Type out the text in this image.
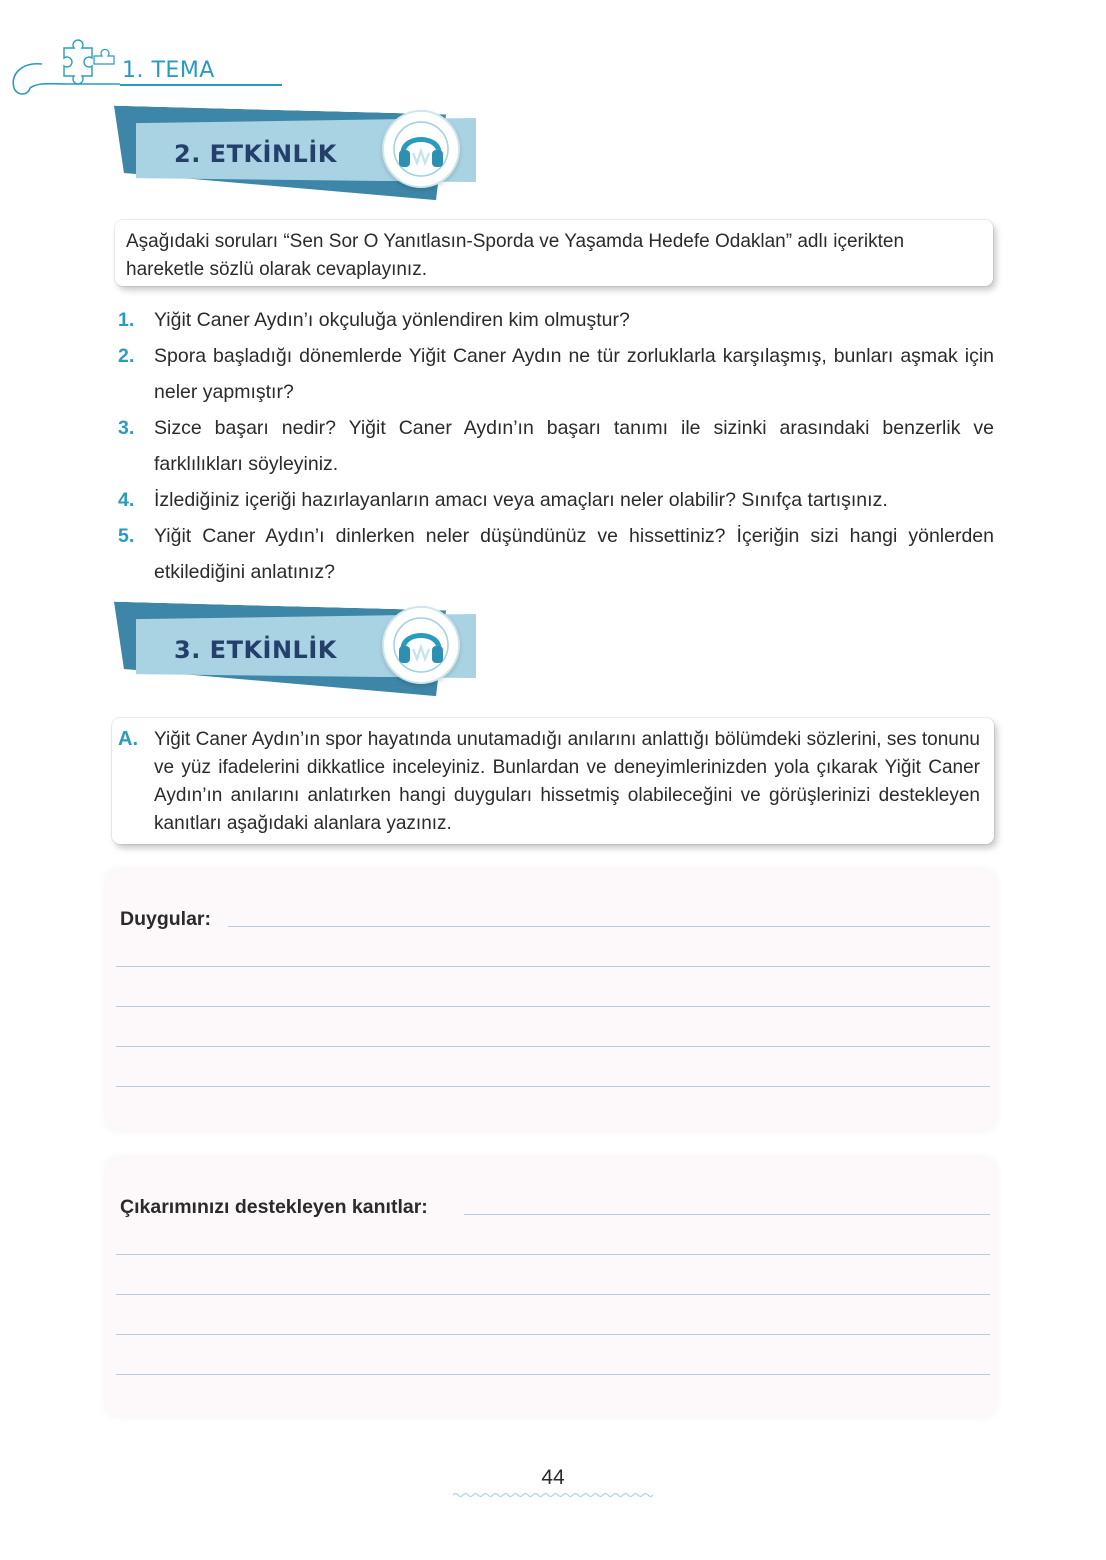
1. TEMA
2. ETKİNLİK
Aşağıdaki soruları “Sen Sor O Yanıtlasın-Sporda ve Yaşamda Hedefe Odaklan” adlı içerikten hareketle sözlü olarak cevaplayınız.
1. Yiğit Caner Aydın’ı okçuluğa yönlendiren kim olmuştur?
2. Spora başladığı dönemlerde Yiğit Caner Aydın ne tür zorluklarla karşılaşmış, bunları aşmak için neler yapmıştır?
3. Sizce başarı nedir? Yiğit Caner Aydın’ın başarı tanımı ile sizinki arasındaki benzerlik ve farklılıkları söyleyiniz.
4. İzlediğiniz içeriği hazırlayanların amacı veya amaçları neler olabilir? Sınıfça tartışınız.
5. Yiğit Caner Aydın’ı dinlerken neler düşündünüz ve hissettiniz? İçeriğin sizi hangi yönlerden etkilediğini anlatınız?
3. ETKİNLİK
A. Yiğit Caner Aydın’ın spor hayatında unutamadığı anılarını anlattığı bölümdeki sözlerini, ses tonunu ve yüz ifadelerini dikkatlice inceleyiniz. Bunlardan ve deneyimlerinizden yola çıkarak Yiğit Caner Aydın’ın anılarını anlatırken hangi duyguları hissetmiş olabileceğini ve görüşlerinizi destekleyen kanıtları aşağıdaki alanlara yazınız.
Duygular:
Çıkarımınızı destekleyen kanıtlar:
44
